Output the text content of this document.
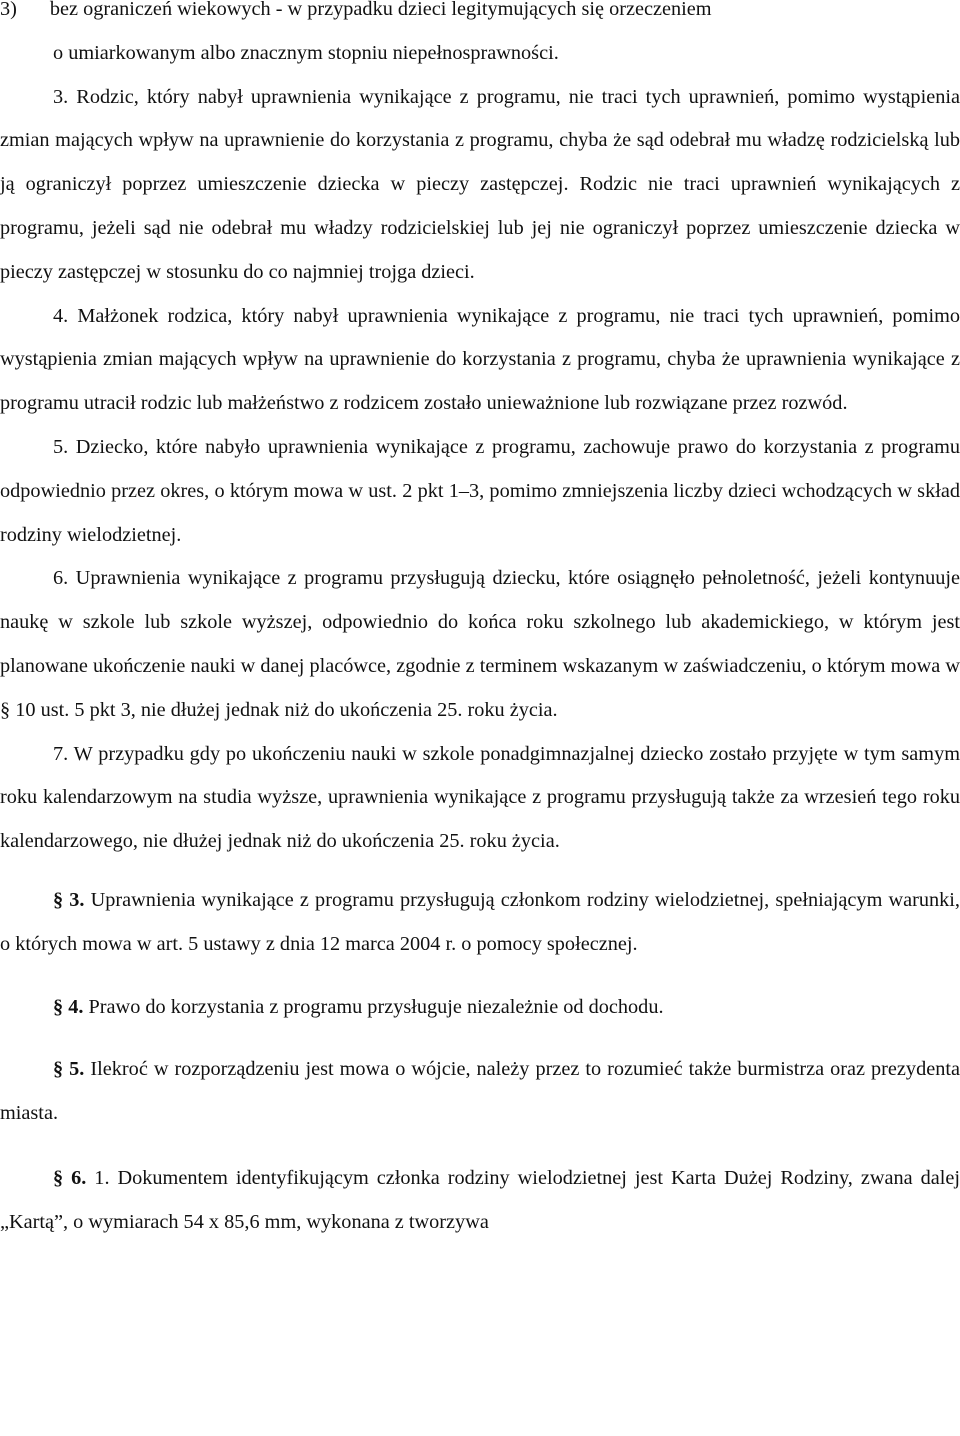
3) bez ograniczeń wiekowych - w przypadku dzieci legitymujących się orzeczeniem
o umiarkowanym albo znacznym stopniu niepełnosprawności.

3. Rodzic, który nabył uprawnienia wynikające z programu, nie traci tych uprawnień, pomimo wystąpienia zmian mających wpływ na uprawnienie do korzystania z programu, chyba że sąd odebrał mu władzę rodzicielską lub ją ograniczył poprzez umieszczenie dziecka w pieczy zastępczej. Rodzic nie traci uprawnień wynikających z programu, jeżeli sąd nie odebrał mu władzy rodzicielskiej lub jej nie ograniczył poprzez umieszczenie dziecka w pieczy zastępczej w stosunku do co najmniej trojga dzieci.

4. Małżonek rodzica, który nabył uprawnienia wynikające z programu, nie traci tych uprawnień, pomimo wystąpienia zmian mających wpływ na uprawnienie do korzystania z programu, chyba że uprawnienia wynikające z programu utracił rodzic lub małżeństwo z rodzicem zostało unieważnione lub rozwiązane przez rozwód.

5. Dziecko, które nabyło uprawnienia wynikające z programu, zachowuje prawo do korzystania z programu odpowiednio przez okres, o którym mowa w ust. 2 pkt 1–3, pomimo zmniejszenia liczby dzieci wchodzących w skład rodziny wielodzietnej.

6. Uprawnienia wynikające z programu przysługują dziecku, które osiągnęło pełnoletność, jeżeli kontynuuje naukę w szkole lub szkole wyższej, odpowiednio do końca roku szkolnego lub akademickiego, w którym jest planowane ukończenie nauki w danej placówce, zgodnie z terminem wskazanym w zaświadczeniu, o którym mowa w § 10 ust. 5 pkt 3, nie dłużej jednak niż do ukończenia 25. roku życia.

7. W przypadku gdy po ukończeniu nauki w szkole ponadgimnazjalnej dziecko zostało przyjęte w tym samym roku kalendarzowym na studia wyższe, uprawnienia wynikające z programu przysługują także za wrzesień tego roku kalendarzowego, nie dłużej jednak niż do ukończenia 25. roku życia.

§ 3. Uprawnienia wynikające z programu przysługują członkom rodziny wielodzietnej, spełniającym warunki, o których mowa w art. 5 ustawy z dnia 12 marca 2004 r. o pomocy społecznej.

§ 4. Prawo do korzystania z programu przysługuje niezależnie od dochodu.

§ 5. Ilekroć w rozporządzeniu jest mowa o wójcie, należy przez to rozumieć także burmistrza oraz prezydenta miasta.

§ 6. 1. Dokumentem identyfikującym członka rodziny wielodzietnej jest Karta Dużej Rodziny, zwana dalej „Kartą”, o wymiarach 54 x 85,6 mm, wykonana z tworzywa
